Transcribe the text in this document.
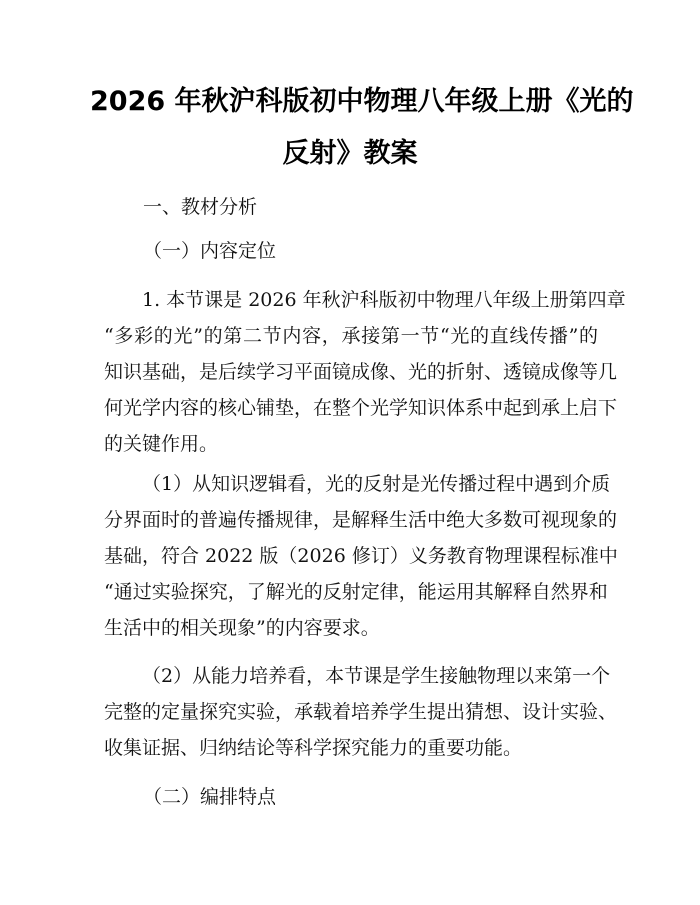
2026 年秋沪科版初中物理八年级上册《光的
反射》教案

一、教材分析

（一）内容定位

1. 本节课是 2026 年秋沪科版初中物理八年级上册第四章
“多彩的光”的第二节内容，承接第一节“光的直线传播”的
知识基础，是后续学习平面镜成像、光的折射、透镜成像等几
何光学内容的核心铺垫，在整个光学知识体系中起到承上启下
的关键作用。
（1）从知识逻辑看，光的反射是光传播过程中遇到介质
分界面时的普遍传播规律，是解释生活中绝大多数可视现象的
基础，符合 2022 版（2026 修订）义务教育物理课程标准中
“通过实验探究，了解光的反射定律，能运用其解释自然界和
生活中的相关现象”的内容要求。
（2）从能力培养看，本节课是学生接触物理以来第一个
完整的定量探究实验，承载着培养学生提出猜想、设计实验、
收集证据、归纳结论等科学探究能力的重要功能。

（二）编排特点
